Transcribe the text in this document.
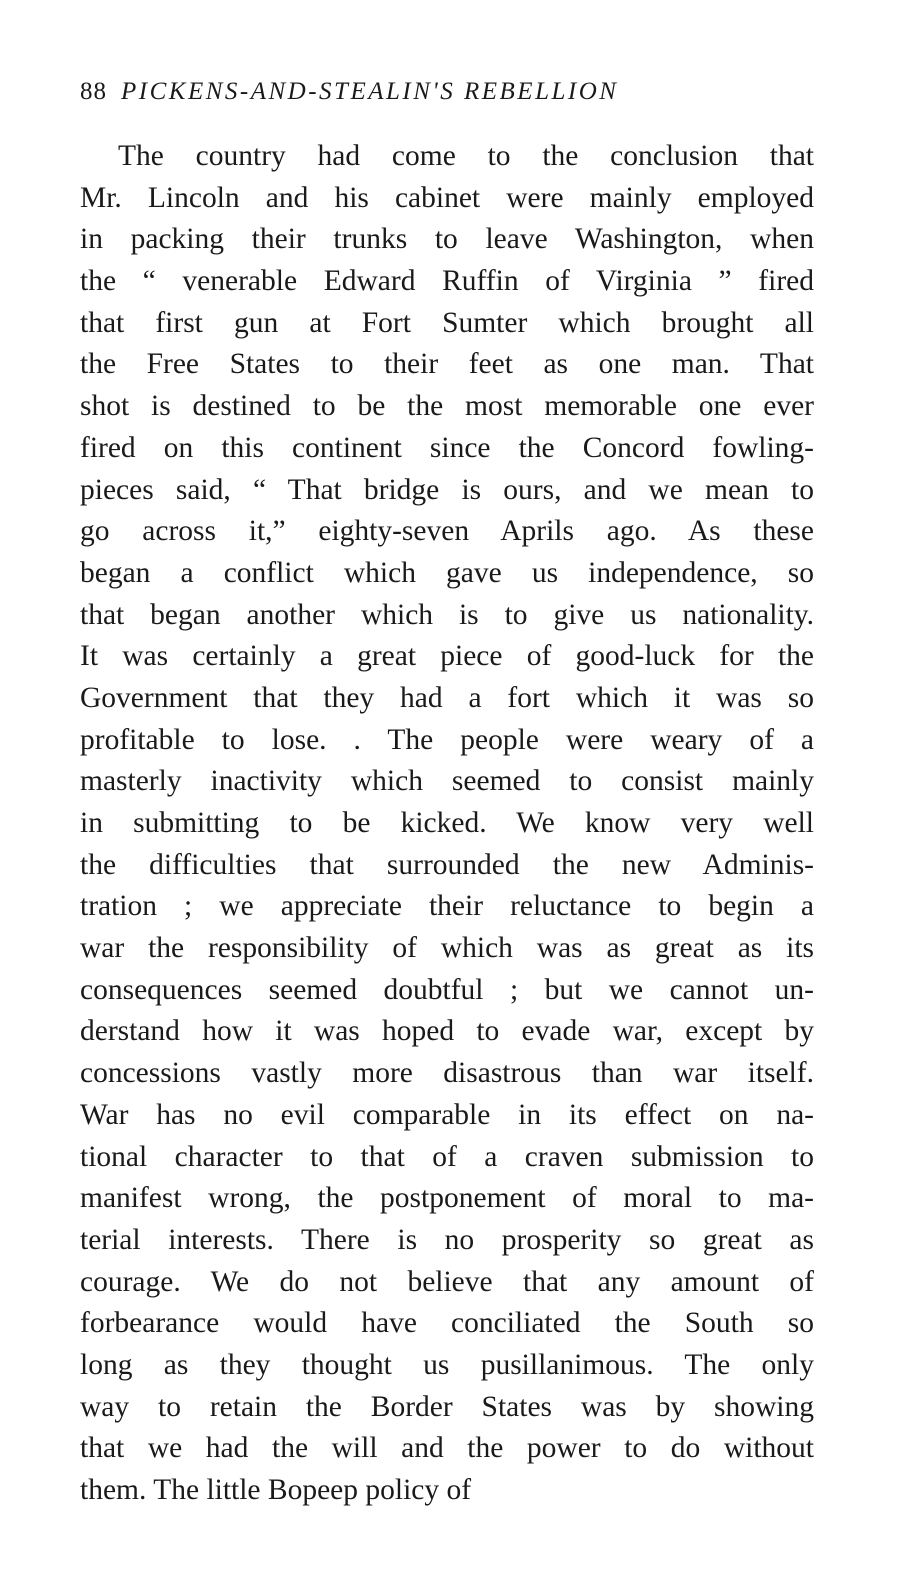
88 PICKENS-AND-STEALIN'S REBELLION
The country had come to the conclusion that
Mr. Lincoln and his cabinet were mainly employed
in packing their trunks to leave Washington, when
the “ venerable Edward Ruffin of Virginia ” fired
that first gun at Fort Sumter which brought all
the Free States to their feet as one man. That
shot is destined to be the most memorable one ever
fired on this continent since the Concord fowling-
pieces said, “ That bridge is ours, and we mean to
go across it,” eighty-seven Aprils ago. As these
began a conflict which gave us independence, so
that began another which is to give us nationality.
It was certainly a great piece of good-luck for the
Government that they had a fort which it was so
profitable to lose. . The people were weary of a
masterly inactivity which seemed to consist mainly
in submitting to be kicked. We know very well
the difficulties that surrounded the new Adminis-
tration ; we appreciate their reluctance to begin a
war the responsibility of which was as great as its
consequences seemed doubtful ; but we cannot un-
derstand how it was hoped to evade war, except by
concessions vastly more disastrous than war itself.
War has no evil comparable in its effect on na-
tional character to that of a craven submission to
manifest wrong, the postponement of moral to ma-
terial interests. There is no prosperity so great as
courage. We do not believe that any amount of
forbearance would have conciliated the South so
long as they thought us pusillanimous. The only
way to retain the Border States was by showing
that we had the will and the power to do without
them. The little Bopeep policy of
